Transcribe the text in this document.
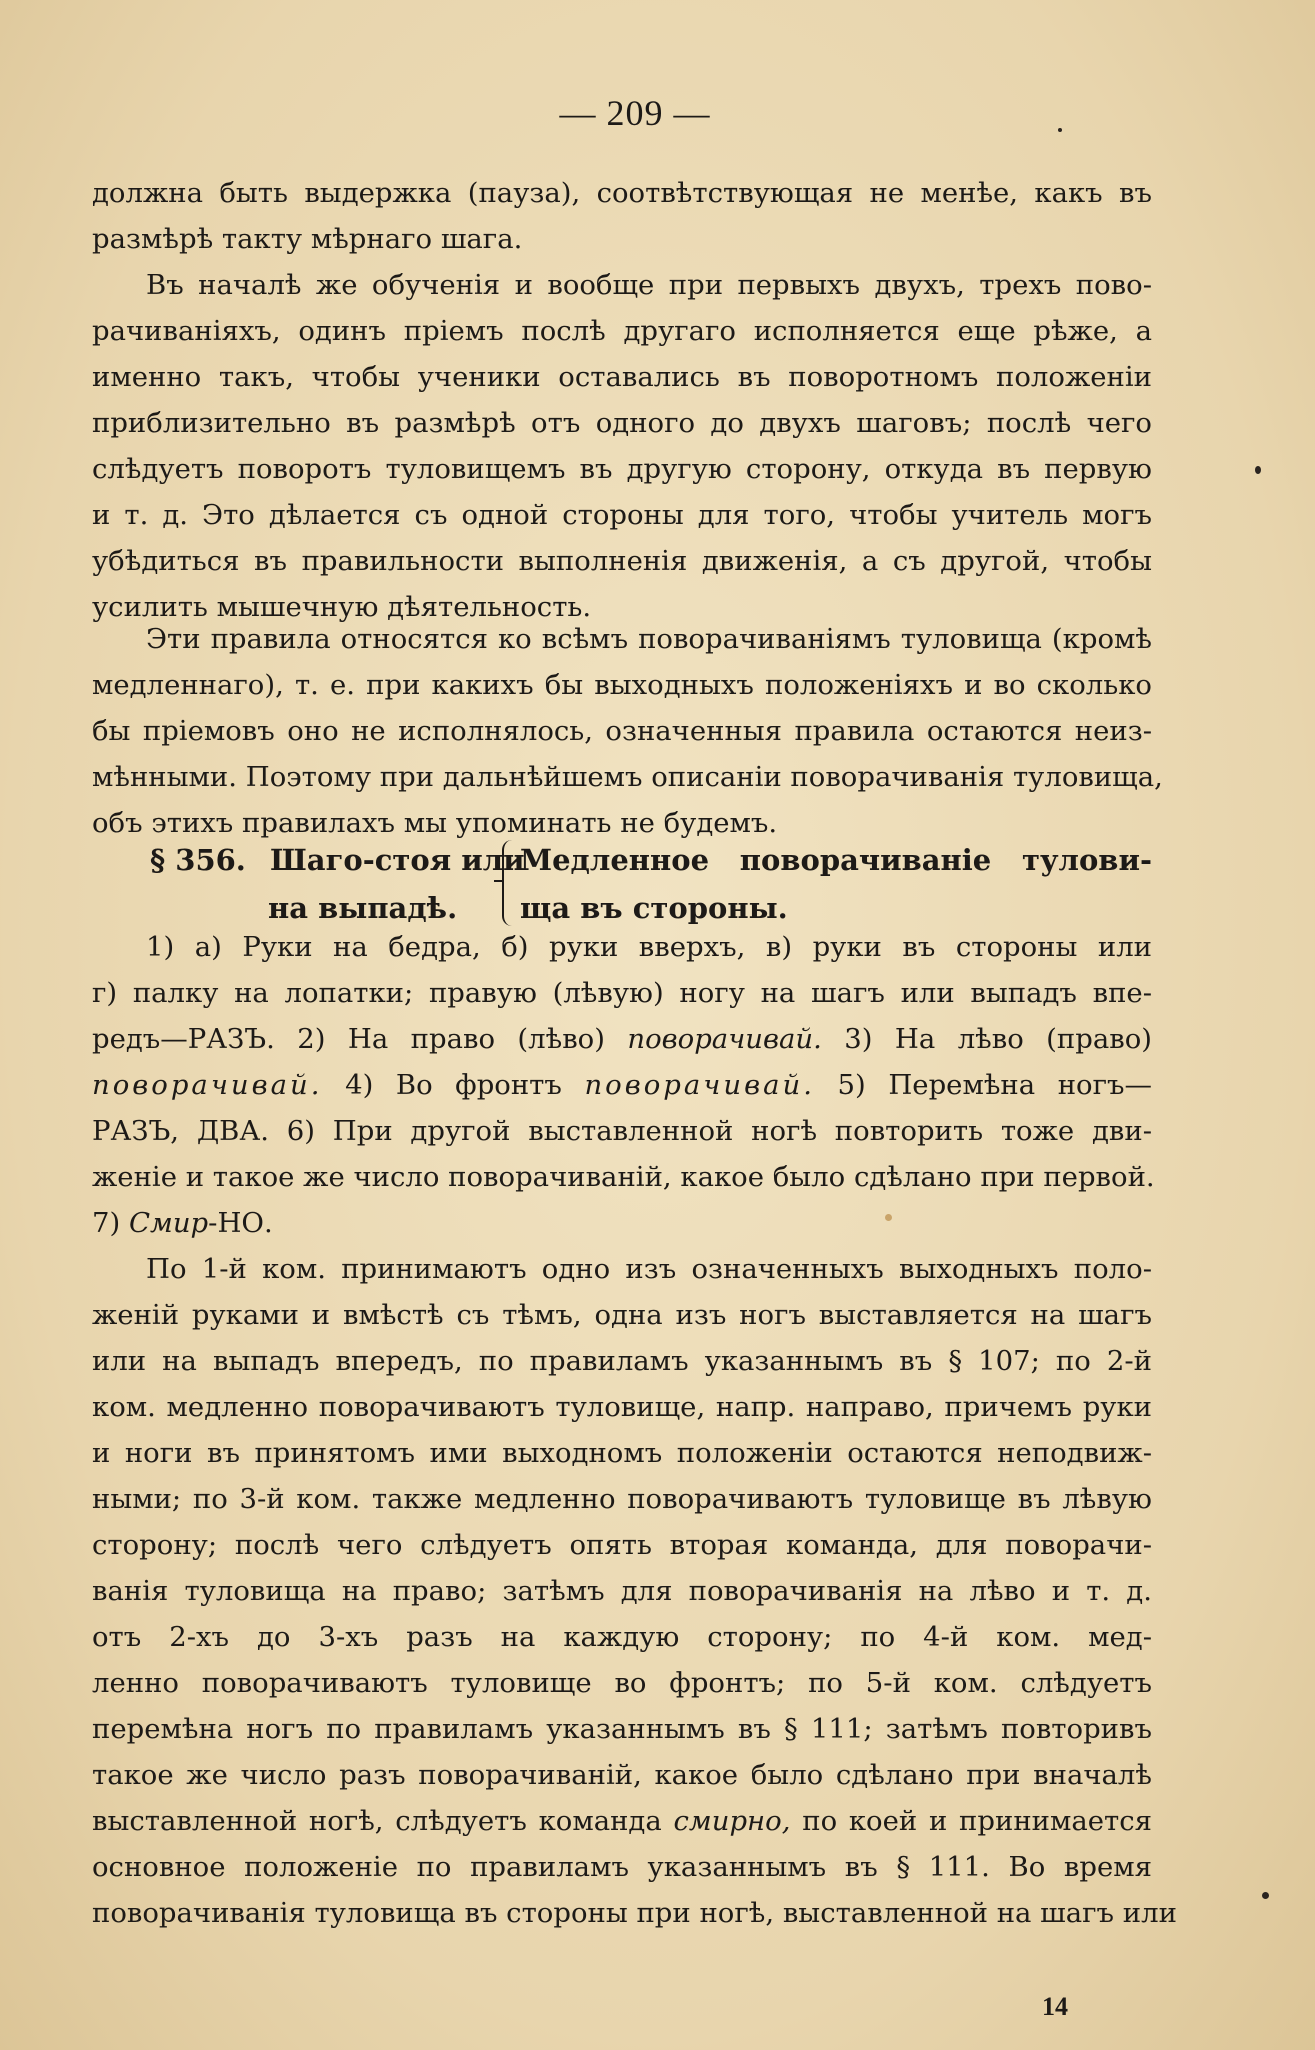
— 209 —
должна быть выдержка (пауза), соотвѣтствующая не менѣе, какъ въ
размѣрѣ такту мѣрнаго шага.
Въ началѣ же обученія и вообще при первыхъ двухъ, трехъ пово-
рачиваніяхъ, одинъ пріемъ послѣ другаго исполняется еще рѣже, а
именно такъ, чтобы ученики оставались въ поворотномъ положеніи
приблизительно въ размѣрѣ отъ одного до двухъ шаговъ; послѣ чего
слѣдуетъ поворотъ туловищемъ въ другую сторону, откуда въ первую
и т. д. Это дѣлается съ одной стороны для того, чтобы учитель могъ
убѣдиться въ правильности выполненія движенія, а съ другой, чтобы
усилить мышечную дѣятельность.
Эти правила относятся ко всѣмъ поворачиваніямъ туловища (кромѣ
медленнаго), т. е. при какихъ бы выходныхъ положеніяхъ и во сколько
бы пріемовъ оно не исполнялось, означенныя правила остаются неиз-
мѣнными. Поэтому при дальнѣйшемъ описаніи поворачиванія туловища,
объ этихъ правилахъ мы упоминать не будемъ.
§ 356. Шаго-стоя или
на выпадѣ.
Медленное поворачиваніе тулови-
ща въ стороны.
1) а) Руки на бедра, б) руки вверхъ, в) руки въ стороны или
г) палку на лопатки; правую (лѣвую) ногу на шагъ или выпадъ впе-
редъ—РАЗЪ. 2) На право (лѣво) поворачивай. 3) На лѣво (право)
поворачивай. 4) Во фронтъ поворачивай. 5) Перемѣна ногъ—
РАЗЪ, ДВА. 6) При другой выставленной ногѣ повторить тоже дви-
женіе и такое же число поворачиваній, какое было сдѣлано при первой.
7) Смир-НО.
По 1-й ком. принимаютъ одно изъ означенныхъ выходныхъ поло-
женій руками и вмѣстѣ съ тѣмъ, одна изъ ногъ выставляется на шагъ
или на выпадъ впередъ, по правиламъ указаннымъ въ § 107; по 2-й
ком. медленно поворачиваютъ туловище, напр. направо, причемъ руки
и ноги въ принятомъ ими выходномъ положеніи остаются неподвиж-
ными; по 3-й ком. также медленно поворачиваютъ туловище въ лѣвую
сторону; послѣ чего слѣдуетъ опять вторая команда, для поворачи-
ванія туловища на право; затѣмъ для поворачиванія на лѣво и т. д.
отъ 2-хъ до 3-хъ разъ на каждую сторону; по 4-й ком. мед-
ленно поворачиваютъ туловище во фронтъ; по 5-й ком. слѣдуетъ
перемѣна ногъ по правиламъ указаннымъ въ § 111; затѣмъ повторивъ
такое же число разъ поворачиваній, какое было сдѣлано при вначалѣ
выставленной ногѣ, слѣдуетъ команда смирно, по коей и принимается
основное положеніе по правиламъ указаннымъ въ § 111. Во время
поворачиванія туловища въ стороны при ногѣ, выставленной на шагъ или
14
